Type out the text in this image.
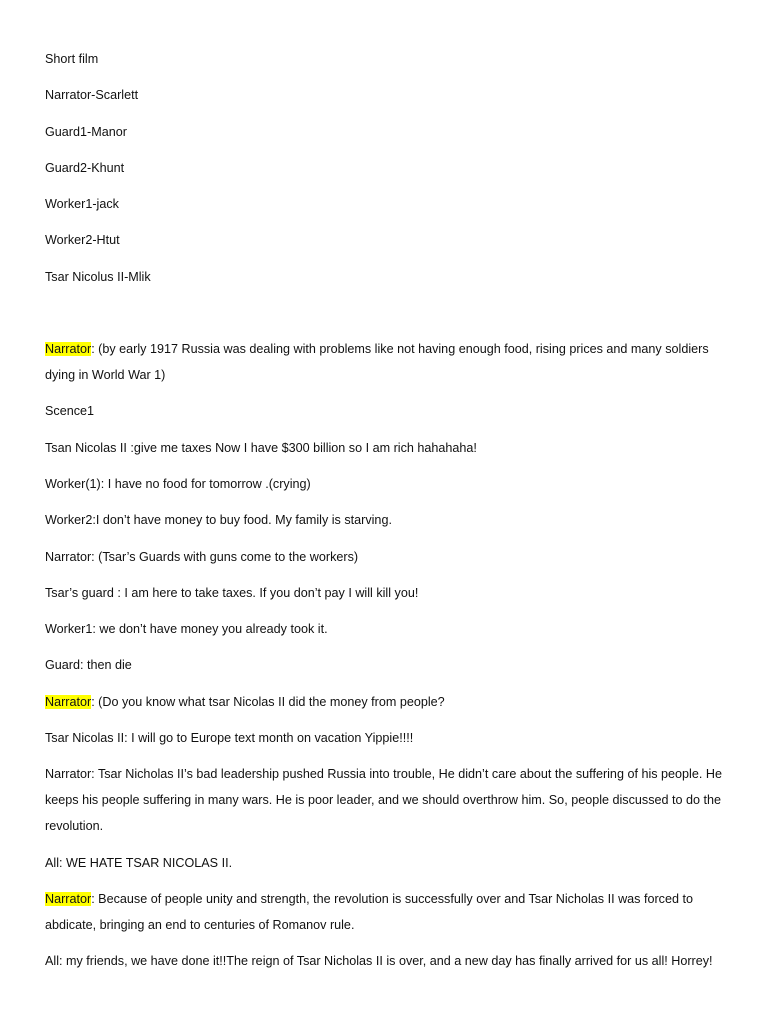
Short film

Narrator-Scarlett

Guard1-Manor

Guard2-Khunt

Worker1-jack

Worker2-Htut

Tsar Nicolus II-Mlik

Narrator: (by early 1917 Russia was dealing with problems like not having enough food, rising prices and many soldiers dying in World War 1)

Scence1

Tsan Nicolas II :give me taxes Now I have $300 billion so I am rich hahahaha!

Worker(1): I have no food for tomorrow .(crying)

Worker2:I don’t have money to buy food. My family is starving.

Narrator: (Tsar’s Guards with guns come to the workers)

Tsar’s guard : I am here to take taxes. If you don’t pay I will kill you!

Worker1: we don’t have money you already took it.

Guard: then die

Narrator: (Do you know what tsar Nicolas II did the money from people?

Tsar Nicolas II: I will go to Europe text month on vacation Yippie!!!!

Narrator: Tsar Nicholas II’s bad leadership pushed Russia into trouble, He didn’t care about the suffering of his people. He keeps his people suffering in many wars. He is poor leader, and we should overthrow him. So, people discussed to do the revolution.

All: WE HATE TSAR NICOLAS II.

Narrator: Because of people unity and strength, the revolution is successfully over and Tsar Nicholas II was forced to abdicate, bringing an end to centuries of Romanov rule.

All: my friends, we have done it!!The reign of Tsar Nicholas II is over, and a new day has finally arrived for us all! Horrey!
